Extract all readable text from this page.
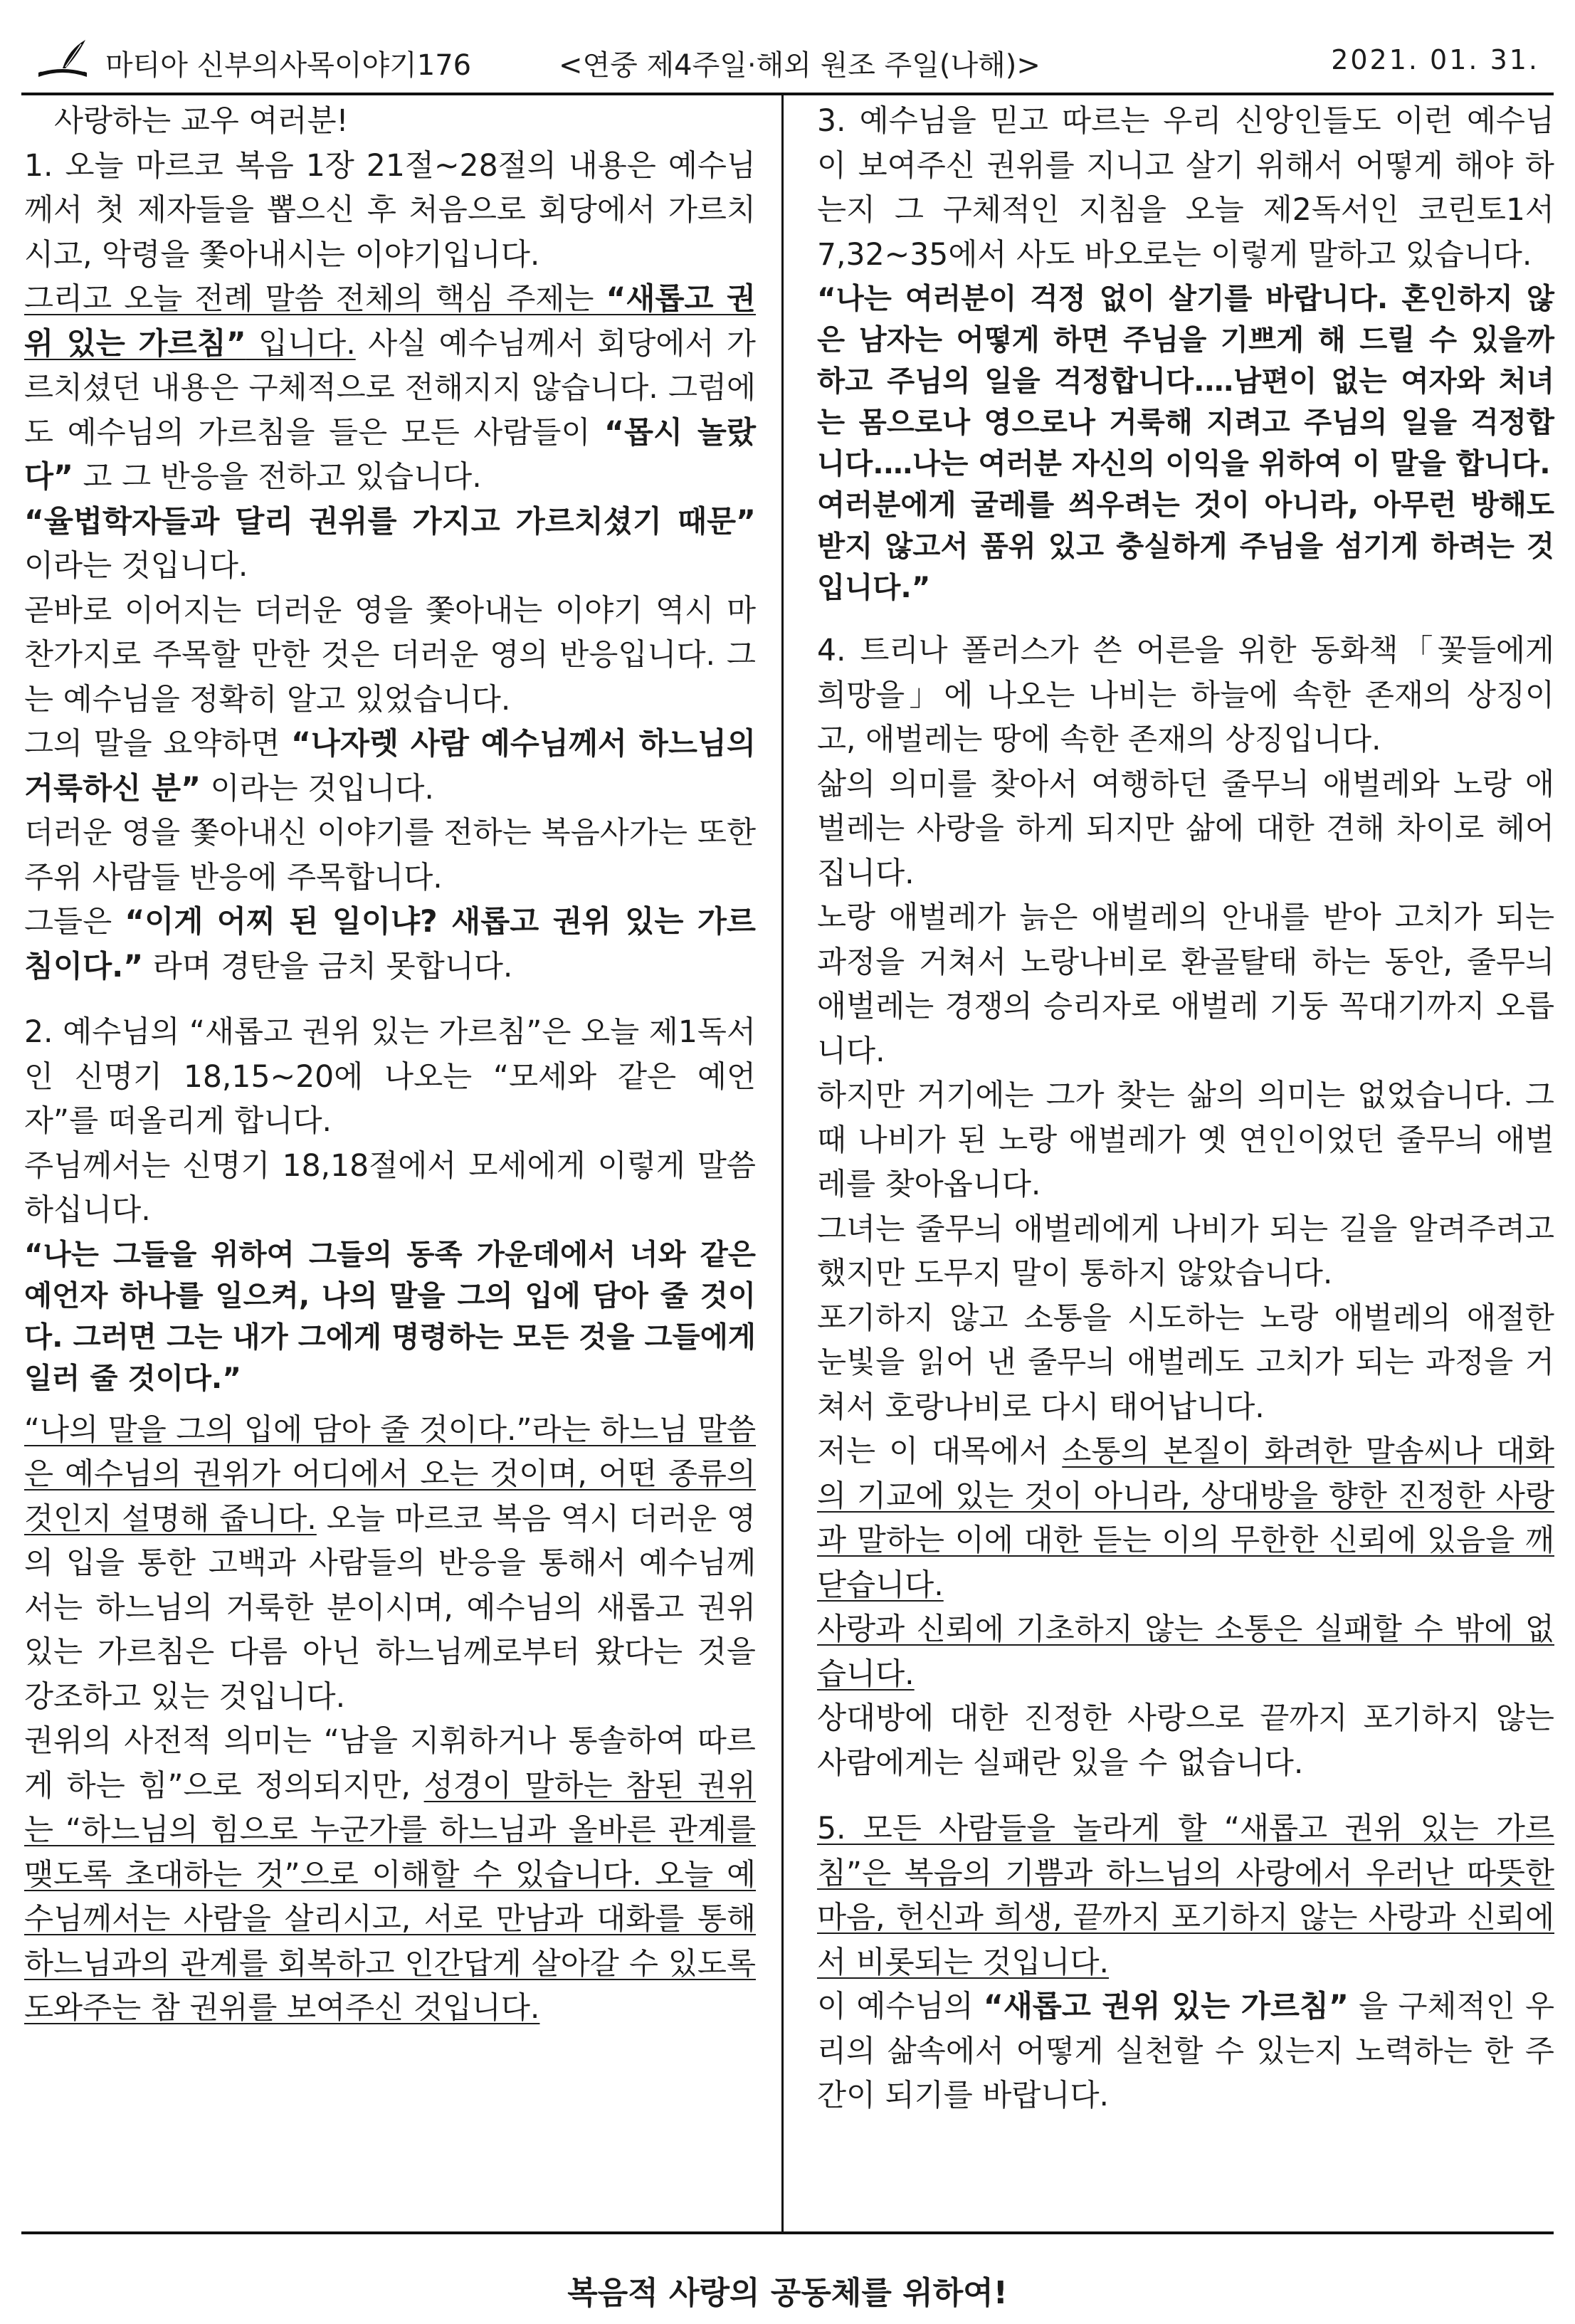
마티아 신부의사목이야기176	<연중 제4주일·해외 원조 주일(나해)>	2021. 01. 31.

사랑하는 교우 여러분!

1. 오늘 마르코 복음 1장 21절~28절의 내용은 예수님께서 첫 제자들을 뽑으신 후 처음으로 회당에서 가르치시고, 악령을 쫓아내시는 이야기입니다.

그리고 오늘 전례 말씀 전체의 핵심 주제는 “새롭고 권위 있는 가르침” 입니다. 사실 예수님께서 회당에서 가르치셨던 내용은 구체적으로 전해지지 않습니다. 그럼에도 예수님의 가르침을 들은 모든 사람들이 “몹시 놀랐다” 고 그 반응을 전하고 있습니다.

“율법학자들과 달리 권위를 가지고 가르치셨기 때문” 이라는 것입니다.

곧바로 이어지는 더러운 영을 쫓아내는 이야기 역시 마찬가지로 주목할 만한 것은 더러운 영의 반응입니다. 그는 예수님을 정확히 알고 있었습니다.

그의 말을 요약하면 “나자렛 사람 예수님께서 하느님의 거룩하신 분” 이라는 것입니다.

더러운 영을 쫓아내신 이야기를 전하는 복음사가는 또한 주위 사람들 반응에 주목합니다.

그들은 “이게 어찌 된 일이냐? 새롭고 권위 있는 가르침이다.” 라며 경탄을 금치 못합니다.

2. 예수님의 “새롭고 권위 있는 가르침”은 오늘 제1독서인 신명기 18,15~20에 나오는 “모세와 같은 예언자”를 떠올리게 합니다.

주님께서는 신명기 18,18절에서 모세에게 이렇게 말씀하십니다.

“나는 그들을 위하여 그들의 동족 가운데에서 너와 같은 예언자 하나를 일으켜, 나의 말을 그의 입에 담아 줄 것이다. 그러면 그는 내가 그에게 명령하는 모든 것을 그들에게 일러 줄 것이다.”

“나의 말을 그의 입에 담아 줄 것이다.”라는 하느님 말씀은 예수님의 권위가 어디에서 오는 것이며, 어떤 종류의 것인지 설명해 줍니다. 오늘 마르코 복음 역시 더러운 영의 입을 통한 고백과 사람들의 반응을 통해서 예수님께서는 하느님의 거룩한 분이시며, 예수님의 새롭고 권위 있는 가르침은 다름 아닌 하느님께로부터 왔다는 것을 강조하고 있는 것입니다.

권위의 사전적 의미는 “남을 지휘하거나 통솔하여 따르게 하는 힘”으로 정의되지만, 성경이 말하는 참된 권위는 “하느님의 힘으로 누군가를 하느님과 올바른 관계를 맺도록 초대하는 것”으로 이해할 수 있습니다. 오늘 예수님께서는 사람을 살리시고, 서로 만남과 대화를 통해 하느님과의 관계를 회복하고 인간답게 살아갈 수 있도록 도와주는 참 권위를 보여주신 것입니다.

3. 예수님을 믿고 따르는 우리 신앙인들도 이런 예수님이 보여주신 권위를 지니고 살기 위해서 어떻게 해야 하는지 그 구체적인 지침을 오늘 제2독서인 코린토1서 7,32~35에서 사도 바오로는 이렇게 말하고 있습니다.

“나는 여러분이 걱정 없이 살기를 바랍니다. 혼인하지 않은 남자는 어떻게 하면 주님을 기쁘게 해 드릴 수 있을까 하고 주님의 일을 걱정합니다.…남편이 없는 여자와 처녀는 몸으로나 영으로나 거룩해 지려고 주님의 일을 걱정합니다.…나는 여러분 자신의 이익을 위하여 이 말을 합니다.

여러분에게 굴레를 씌우려는 것이 아니라, 아무런 방해도 받지 않고서 품위 있고 충실하게 주님을 섬기게 하려는 것입니다.”

4. 트리나 폴러스가 쓴 어른을 위한 동화책「꽃들에게 희망을」에 나오는 나비는 하늘에 속한 존재의 상징이고, 애벌레는 땅에 속한 존재의 상징입니다.

삶의 의미를 찾아서 여행하던 줄무늬 애벌레와 노랑 애벌레는 사랑을 하게 되지만 삶에 대한 견해 차이로 헤어집니다.

노랑 애벌레가 늙은 애벌레의 안내를 받아 고치가 되는 과정을 거쳐서 노랑나비로 환골탈태 하는 동안, 줄무늬 애벌레는 경쟁의 승리자로 애벌레 기둥 꼭대기까지 오릅니다.

하지만 거기에는 그가 찾는 삶의 의미는 없었습니다. 그때 나비가 된 노랑 애벌레가 옛 연인이었던 줄무늬 애벌레를 찾아옵니다.

그녀는 줄무늬 애벌레에게 나비가 되는 길을 알려주려고 했지만 도무지 말이 통하지 않았습니다.

포기하지 않고 소통을 시도하는 노랑 애벌레의 애절한 눈빛을 읽어 낸 줄무늬 애벌레도 고치가 되는 과정을 거쳐서 호랑나비로 다시 태어납니다.

저는 이 대목에서 소통의 본질이 화려한 말솜씨나 대화의 기교에 있는 것이 아니라, 상대방을 향한 진정한 사랑과 말하는 이에 대한 듣는 이의 무한한 신뢰에 있음을 깨닫습니다.

사랑과 신뢰에 기초하지 않는 소통은 실패할 수 밖에 없습니다.

상대방에 대한 진정한 사랑으로 끝까지 포기하지 않는 사람에게는 실패란 있을 수 없습니다.

5. 모든 사람들을 놀라게 할 “새롭고 권위 있는 가르침”은 복음의 기쁨과 하느님의 사랑에서 우러난 따뜻한 마음, 헌신과 희생, 끝까지 포기하지 않는 사랑과 신뢰에서 비롯되는 것입니다.

이 예수님의 “새롭고 권위 있는 가르침” 을 구체적인 우리의 삶속에서 어떻게 실천할 수 있는지 노력하는 한 주간이 되기를 바랍니다.

복음적 사랑의 공동체를 위하여!
